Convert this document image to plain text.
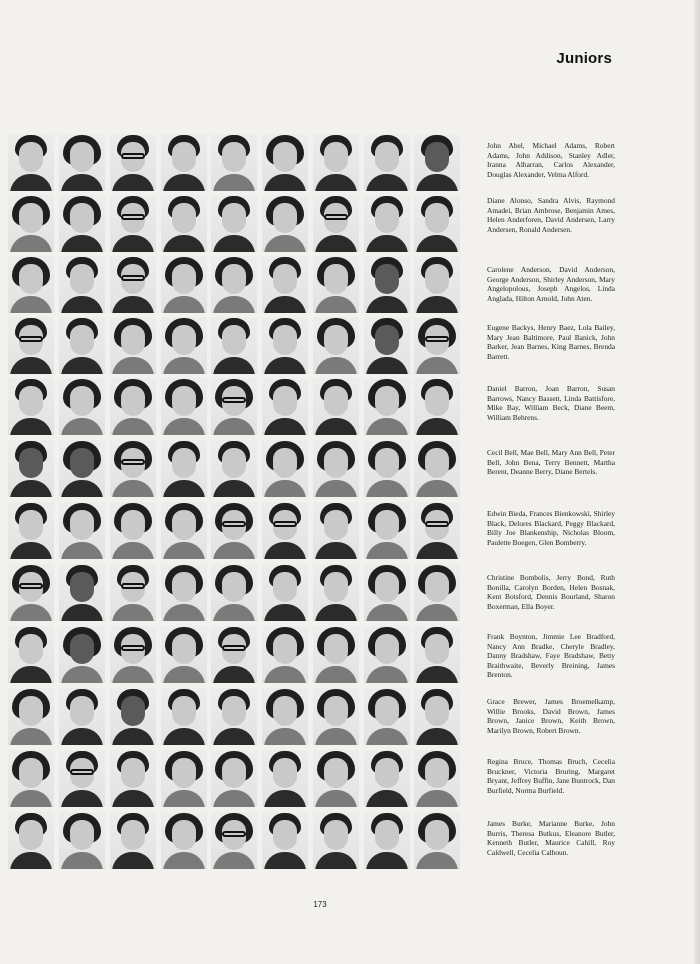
Juniors
John Abel, Michael Adams, Robert Adams, John Addison, Stanley Adler, Iranna Alharran, Carlos Alexander, Douglas Alexander, Velma Alford.
Diane Alonso, Sandra Alvis, Raymond Amadei, Brian Ambrose, Benjamin Ames, Helen Anderforen, David Andersen, Larry Andersen, Ronald Andersen.
Carolene Anderson, David Anderson, George Anderson, Shirley Anderson, Mary Angelopolous, Joseph Angelos, Linda Anglada, Hilton Arnold, John Aten.
Eugene Backys, Henry Baez, Lola Bailey, Mary Jean Baltimore, Paul Banick, John Barker, Jean Barnes, King Barnes, Brenda Barrett.
Daniel Barron, Joan Barron, Susan Barrows, Nancy Bassett, Linda Battisfore, Mike Bay, William Beck, Diane Beem, William Behrens.
Cecil Bell, Mae Bell, Mary Ann Bell, Peter Bell, John Bena, Terry Bennett, Martha Berent, Deanne Berry, Diane Bertels.
Edwin Bieda, Frances Bienkowski, Shirley Black, Delores Blackard, Peggy Blackard, Billy Joe Blankenship, Nicholas Bloom, Paulette Boegen, Glen Bomberry.
Christine Bombolis, Jerry Bond, Ruth Bonilla, Carolyn Borden, Helen Bosnak, Kent Botsford, Dennis Bourland, Sharon Boxerman, Ella Boyer.
Frank Boynton, Jimmie Lee Bradford, Nancy Ann Bradke, Cheryle Bradley, Danny Bradshaw, Faye Bradshaw, Betty Braithwaite, Beverly Breining, James Brenton.
Grace Brewer, James Broemelkamp, Willie Brooks, David Brown, James Brown, Janice Brown, Keith Brown, Marilyn Brown, Robert Brown.
Regina Bruce, Thomas Bruch, Cecelia Bruckner, Victoria Bruring, Margaret Bryant, Jeffrey Buffin, Jane Buntrock, Dan Burfield, Norma Burfield.
James Burke, Marianne Burke, John Burris, Theresa Butkus, Eleanore Butler, Kenneth Butler, Maurice Cahill, Roy Caldwell, Cecelia Calhoun.
173
